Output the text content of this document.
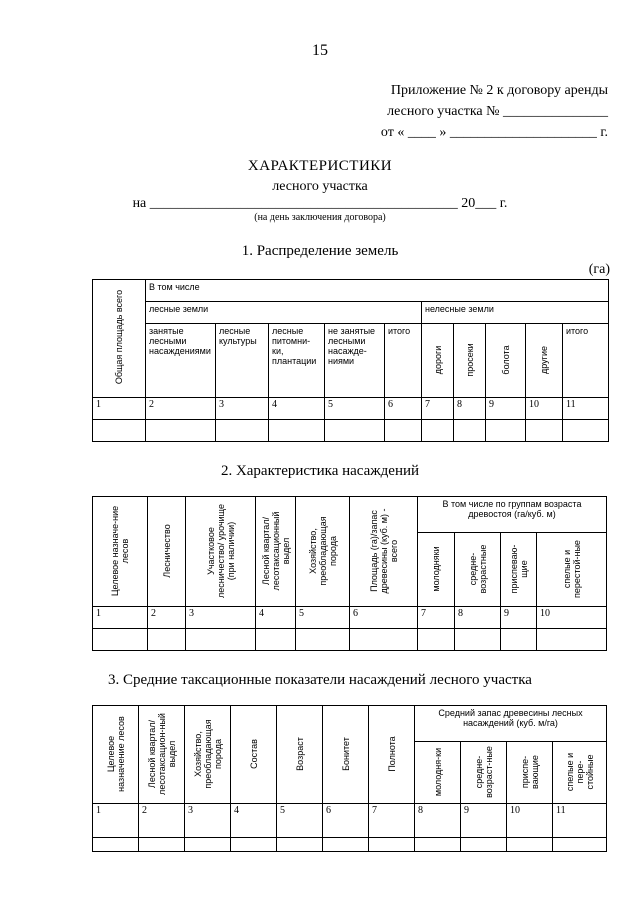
15
Приложение № 2 к договору аренды
лесного участка № _______________
от « ____ » _____________________ г.
ХАРАКТЕРИСТИКИ
лесного участка
на ____________________________________________ 20___ г.
(на день заключения договора)
1. Распределение земель
(га)
Общая площадь всего	В том числе									
	лесные земли					нелесные земли				
	занятые лесными насаждениями	лесные культуры	лесные питомни-ки, плантации	не занятые лесными насажде-ниями	итого	дороги	просеки	болота	другие	итого
1	2	3	4	5	6	7	8	9	10	11

2. Характеристика насаждений
Целевое назначе-ние лесов	Лесничество	Участковое лесничество/ урочище (при наличии)	Лесной квартал/ лесотаксационный выдел	Хозяйство, преобладающая порода	Площадь (га)/запас древесины (куб. м) - всего	В том числе по группам возраста древостоя (га/куб. м)			

						молодняки	средне-возрастные	приспеваю-щие	спелые и перестой-ные

1	2	3	4	5	6	7	8	9	10

3. Средние таксационные показатели насаждений лесного участка
Целевое назначение лесов	Лесной квартал/ лесотаксацион-ный выдел	Хозяйство, преобладающая порода	Состав	Возраст	Бонитет	Полнота	Средний запас древесины лесных насаждений (куб. м/га)			

							молодня-ки	средне-возраст-ные	приспе-вающие	спелые и пере-стойные

1	2	3	4	5	6	7	8	9	10	11
